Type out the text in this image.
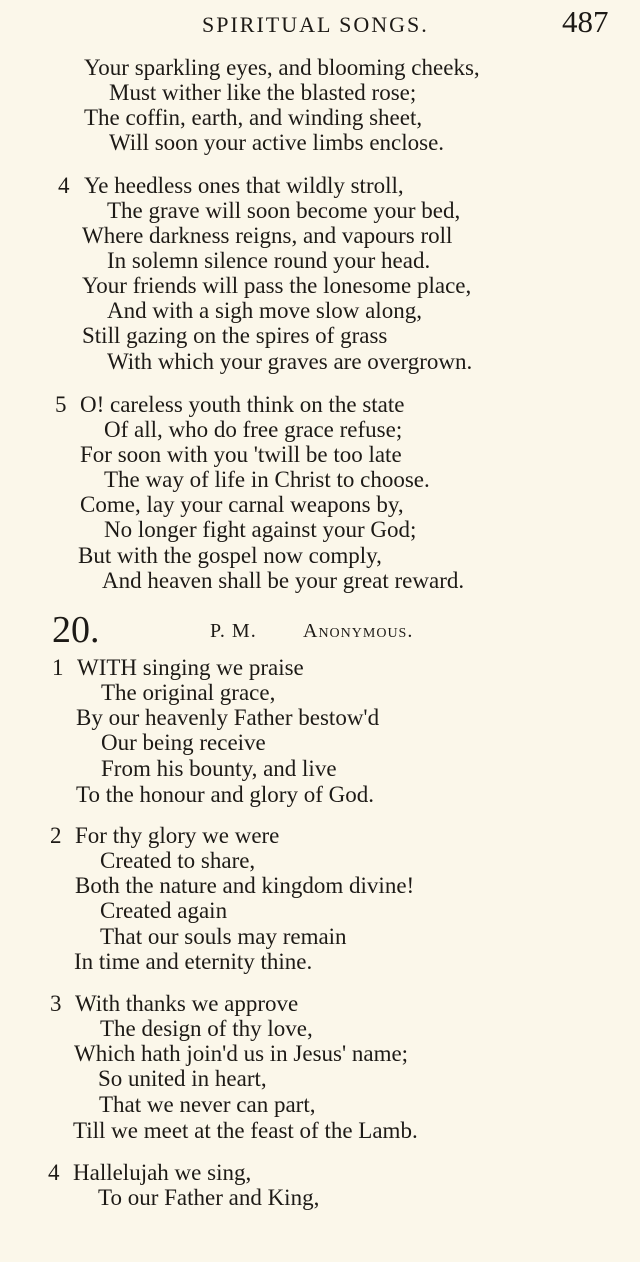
SPIRITUAL SONGS.	487
Your sparkling eyes, and blooming cheeks,
Must wither like the blasted rose;
The coffin, earth, and winding sheet,
Will soon your active limbs enclose.
4 Ye heedless ones that wildly stroll,
The grave will soon become your bed,
Where darkness reigns, and vapours roll
In solemn silence round your head.
Your friends will pass the lonesome place,
And with a sigh move slow along,
Still gazing on the spires of grass
With which your graves are overgrown.
5 O! careless youth think on the state
Of all, who do free grace refuse;
For soon with you 'twill be too late
The way of life in Christ to choose.
Come, lay your carnal weapons by,
No longer fight against your God;
But with the gospel now comply,
And heaven shall be your great reward.
20.	P. M. Anonymous.
1 WITH singing we praise
The original grace,
By our heavenly Father bestow'd
Our being receive
From his bounty, and live
To the honour and glory of God.
2 For thy glory we were
Created to share,
Both the nature and kingdom divine!
Created again
That our souls may remain
In time and eternity thine.
3 With thanks we approve
The design of thy love,
Which hath join'd us in Jesus' name;
So united in heart,
That we never can part,
Till we meet at the feast of the Lamb.
4 Hallelujah we sing,
To our Father and King,
